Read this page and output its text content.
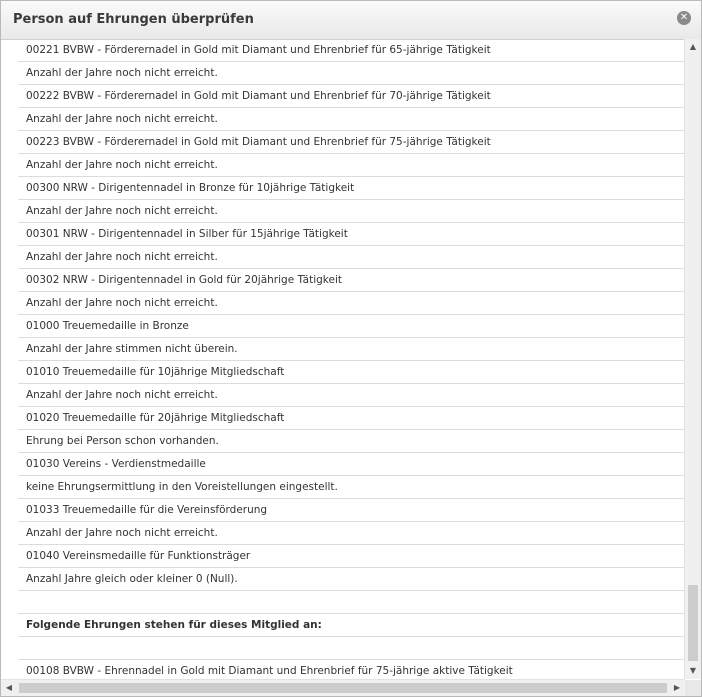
Person auf Ehrungen überprüfen	✕
00221 BVBW - Förderernadel in Gold mit Diamant und Ehrenbrief für 65-jährige Tätigkeit
Anzahl der Jahre noch nicht erreicht.
00222 BVBW - Förderernadel in Gold mit Diamant und Ehrenbrief für 70-jährige Tätigkeit
Anzahl der Jahre noch nicht erreicht.
00223 BVBW - Förderernadel in Gold mit Diamant und Ehrenbrief für 75-jährige Tätigkeit
Anzahl der Jahre noch nicht erreicht.
00300 NRW - Dirigentennadel in Bronze für 10jährige Tätigkeit
Anzahl der Jahre noch nicht erreicht.
00301 NRW - Dirigentennadel in Silber für 15jährige Tätigkeit
Anzahl der Jahre noch nicht erreicht.
00302 NRW - Dirigentennadel in Gold für 20jährige Tätigkeit
Anzahl der Jahre noch nicht erreicht.
01000 Treuemedaille in Bronze
Anzahl der Jahre stimmen nicht überein.
01010 Treuemedaille für 10jährige Mitgliedschaft
Anzahl der Jahre noch nicht erreicht.
01020 Treuemedaille für 20jährige Mitgliedschaft
Ehrung bei Person schon vorhanden.
01030 Vereins - Verdienstmedaille
keine Ehrungsermittlung in den Voreistellungen eingestellt.
01033 Treuemedaille für die Vereinsförderung
Anzahl der Jahre noch nicht erreicht.
01040 Vereinsmedaille für Funktionsträger
Anzahl Jahre gleich oder kleiner 0 (Null).
Folgende Ehrungen stehen für dieses Mitglied an:
00108 BVBW - Ehrennadel in Gold mit Diamant und Ehrenbrief für 75-jährige aktive Tätigkeit
▲
▼
◀	▶
